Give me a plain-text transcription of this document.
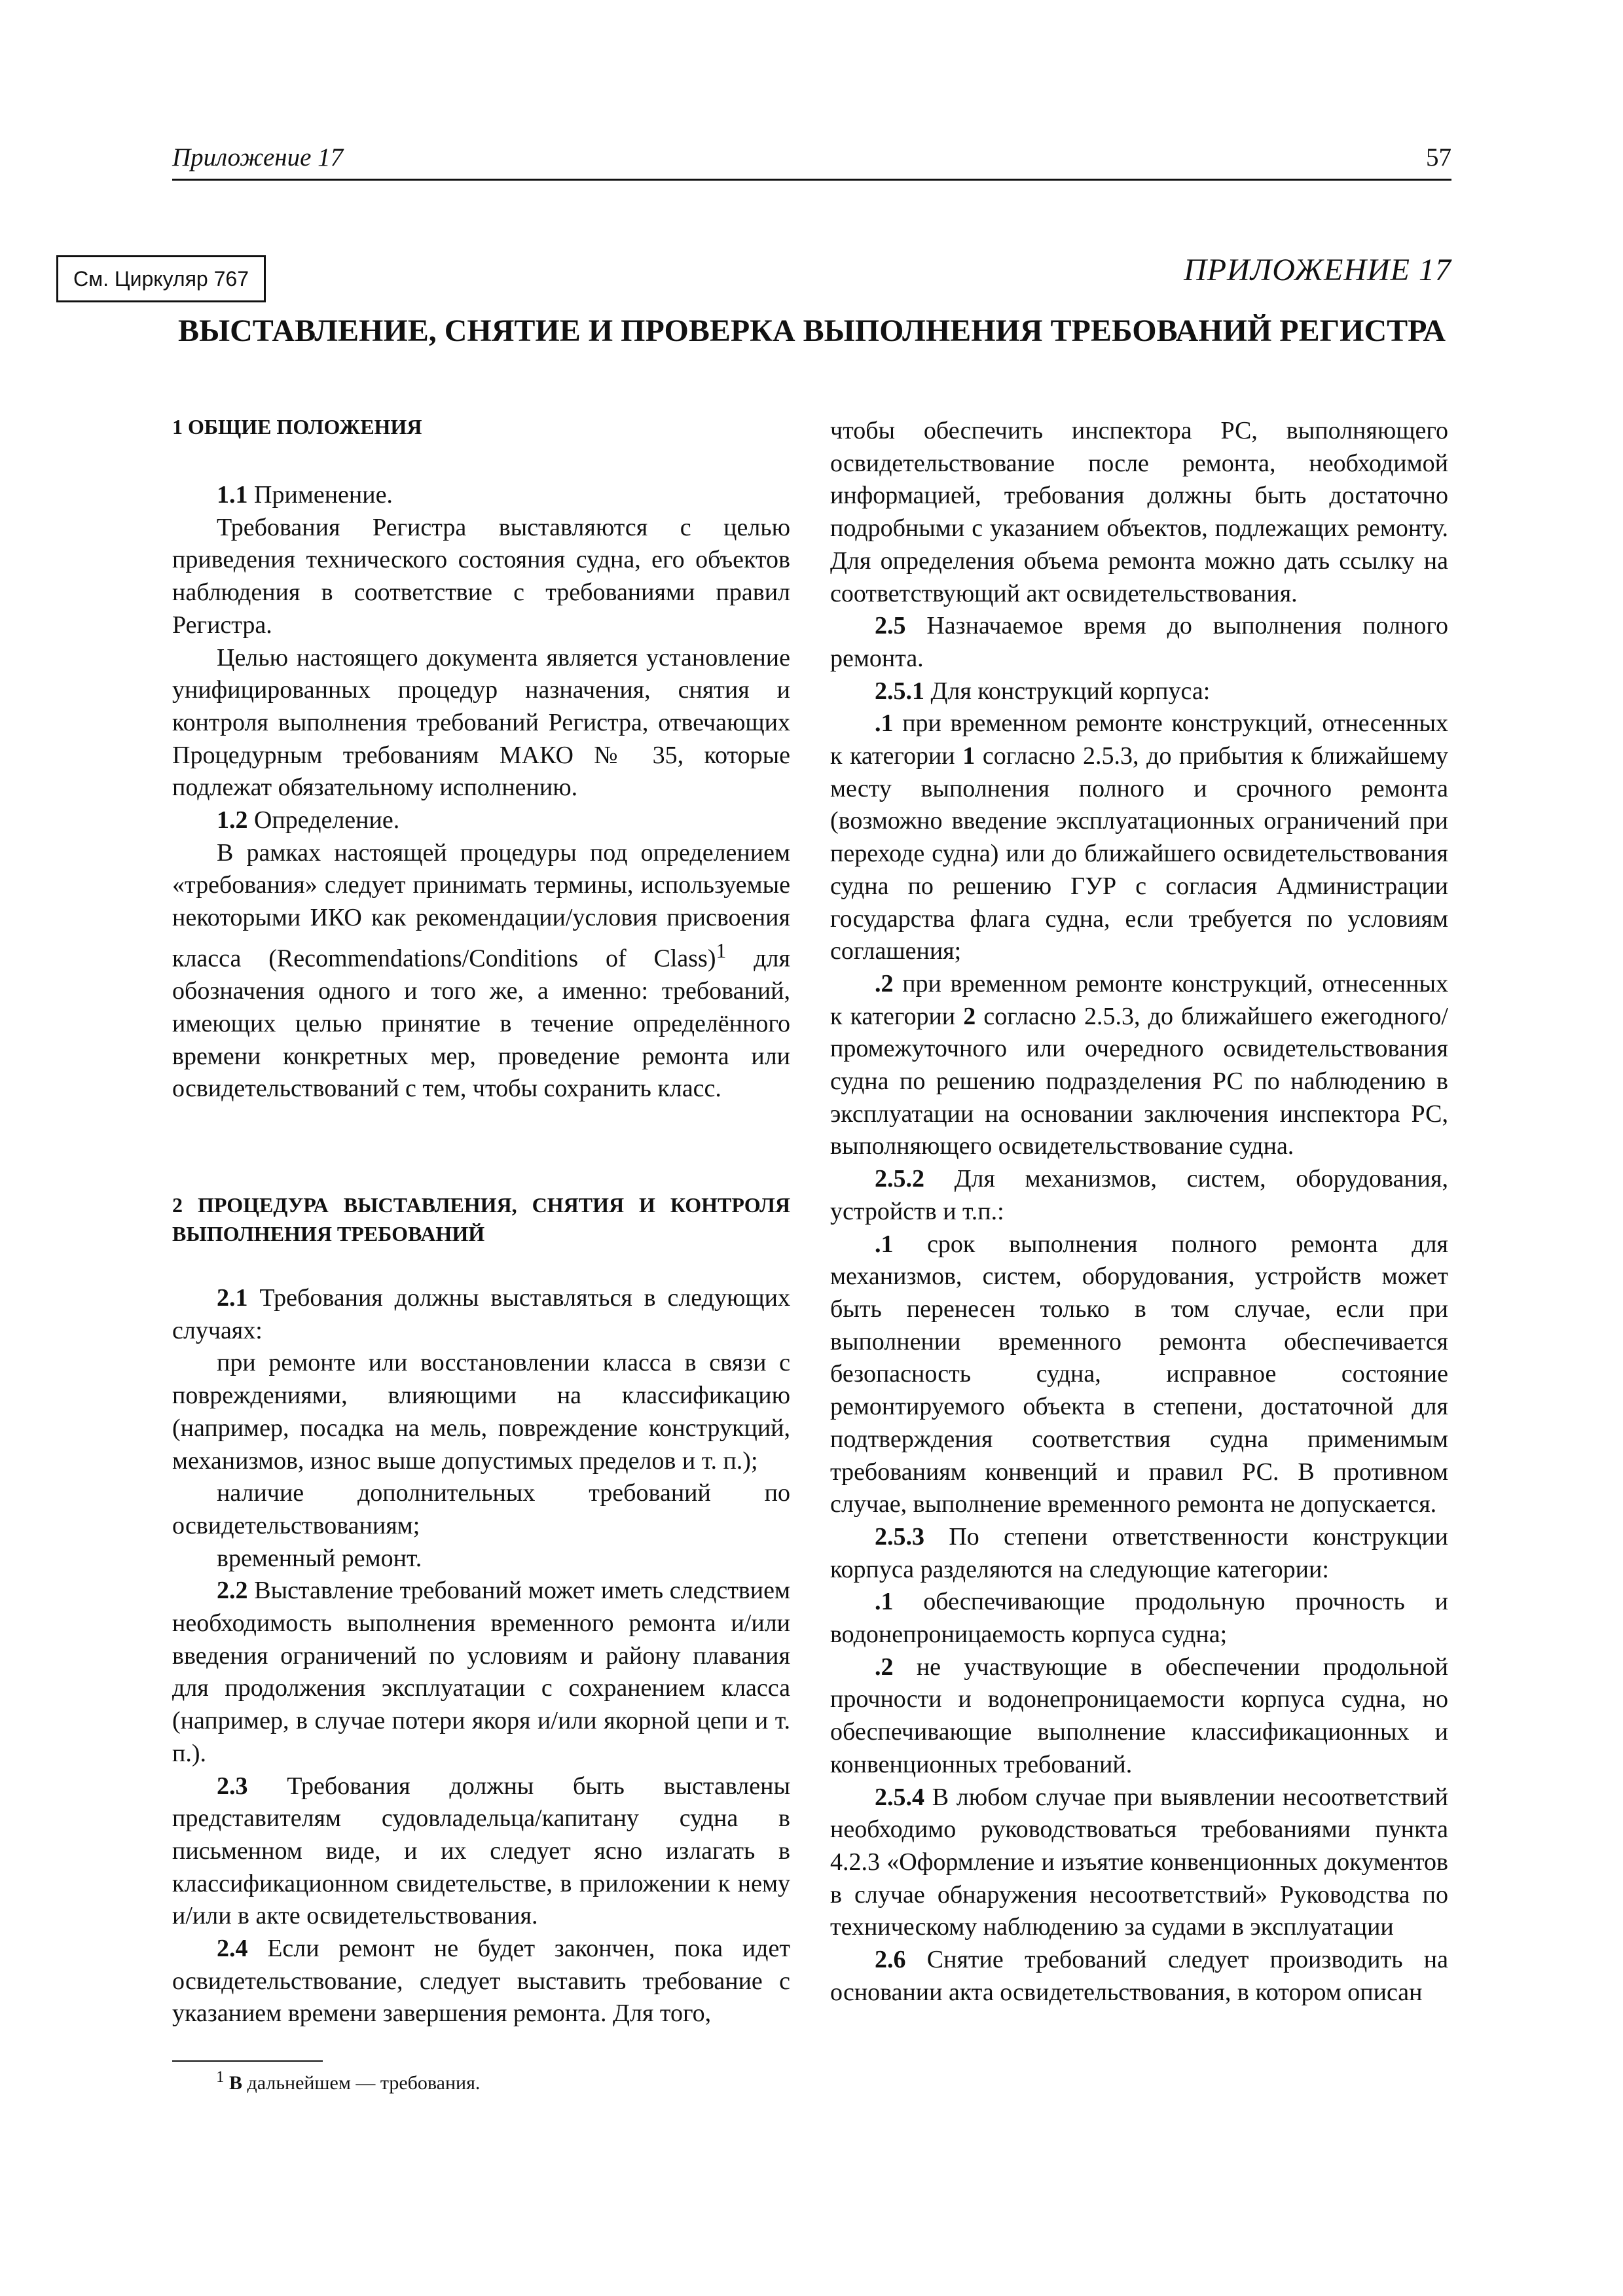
Приложение 17	57
См. Циркуляр 767	ПРИЛОЖЕНИЕ 17
ВЫСТАВЛЕНИЕ, СНЯТИЕ И ПРОВЕРКА ВЫПОЛНЕНИЯ ТРЕБОВАНИЙ РЕГИСТРА

1 ОБЩИЕ ПОЛОЖЕНИЯ

1.1 Применение.

Требования Регистра выставляются с целью приведения технического состояния судна, его объектов наблюдения в соответствие с требованиями правил Регистра.

Целью настоящего документа является установление унифицированных процедур назначения, снятия и контроля выполнения требований Регистра, отвечающих Процедурным требованиям МАКО № 35, которые подлежат обязательному исполнению.

1.2 Определение.

В рамках настоящей процедуры под определением «требования» следует принимать термины, используемые некоторыми ИКО как рекомендации/условия присвоения класса (Recommendations/Conditions of Class)$^1$ для обозначения одного и того же, а именно: требований, имеющих целью принятие в течение определённого времени конкретных мер, проведение ремонта или освидетельствований с тем, чтобы сохранить класс.

2 ПРОЦЕДУРА ВЫСТАВЛЕНИЯ, СНЯТИЯ И КОНТРОЛЯ ВЫПОЛНЕНИЯ ТРЕБОВАНИЙ

2.1 Требования должны выставляться в следующих случаях:

при ремонте или восстановлении класса в связи с повреждениями, влияющими на классификацию (например, посадка на мель, повреждение конструкций, механизмов, износ выше допустимых пределов и т. п.);

наличие дополнительных требований по освидетельствованиям;

временный ремонт.

2.2 Выставление требований может иметь следствием необходимость выполнения временного ремонта и/или введения ограничений по условиям и району плавания для продолжения эксплуатации с сохранением класса (например, в случае потери якоря и/или якорной цепи и т. п.).

2.3 Требования должны быть выставлены представителям судовладельца/капитану судна в письменном виде, и их следует ясно излагать в классификационном свидетельстве, в приложении к нему и/или в акте освидетельствования.

2.4 Если ремонт не будет закончен, пока идет освидетельствование, следует выставить требование с указанием времени завершения ремонта. Для того,

чтобы обеспечить инспектора РС, выполняющего освидетельствование после ремонта, необходимой информацией, требования должны быть достаточно подробными с указанием объектов, подлежащих ремонту. Для определения объема ремонта можно дать ссылку на соответствующий акт освидетельствования.

2.5 Назначаемое время до выполнения полного ремонта.

2.5.1 Для конструкций корпуса:

.1 при временном ремонте конструкций, отнесенных к категории 1 согласно 2.5.3, до прибытия к ближайшему месту выполнения полного и срочного ремонта (возможно введение эксплуатационных ограничений при переходе судна) или до ближайшего освидетельствования судна по решению ГУР с согласия Администрации государства флага судна, если требуется по условиям соглашения;

.2 при временном ремонте конструкций, отнесенных к категории 2 согласно 2.5.3, до ближайшего ежегодного/промежуточного или очередного освидетельствования судна по решению подразделения РС по наблюдению в эксплуатации на основании заключения инспектора РС, выполняющего освидетельствование судна.

2.5.2 Для механизмов, систем, оборудования, устройств и т.п.:

.1 срок выполнения полного ремонта для механизмов, систем, оборудования, устройств может быть перенесен только в том случае, если при выполнении временного ремонта обеспечивается безопасность судна, исправное состояние ремонтируемого объекта в степени, достаточной для подтверждения соответствия судна применимым требованиям конвенций и правил РС. В противном случае, выполнение временного ремонта не допускается.

2.5.3 По степени ответственности конструкции корпуса разделяются на следующие категории:

.1 обеспечивающие продольную прочность и водонепроницаемость корпуса судна;

.2 не участвующие в обеспечении продольной прочности и водонепроницаемости корпуса судна, но обеспечивающие выполнение классификационных и конвенционных требований.

2.5.4 В любом случае при выявлении несоответствий необходимо руководствоваться требованиями пункта 4.2.3 «Оформление и изъятие конвенционных документов в случае обнаружения несоответствий» Руководства по техническому наблюдению за судами в эксплуатации

2.6 Снятие требований следует производить на основании акта освидетельствования, в котором описан

$^1$ В дальнейшем — требования.
